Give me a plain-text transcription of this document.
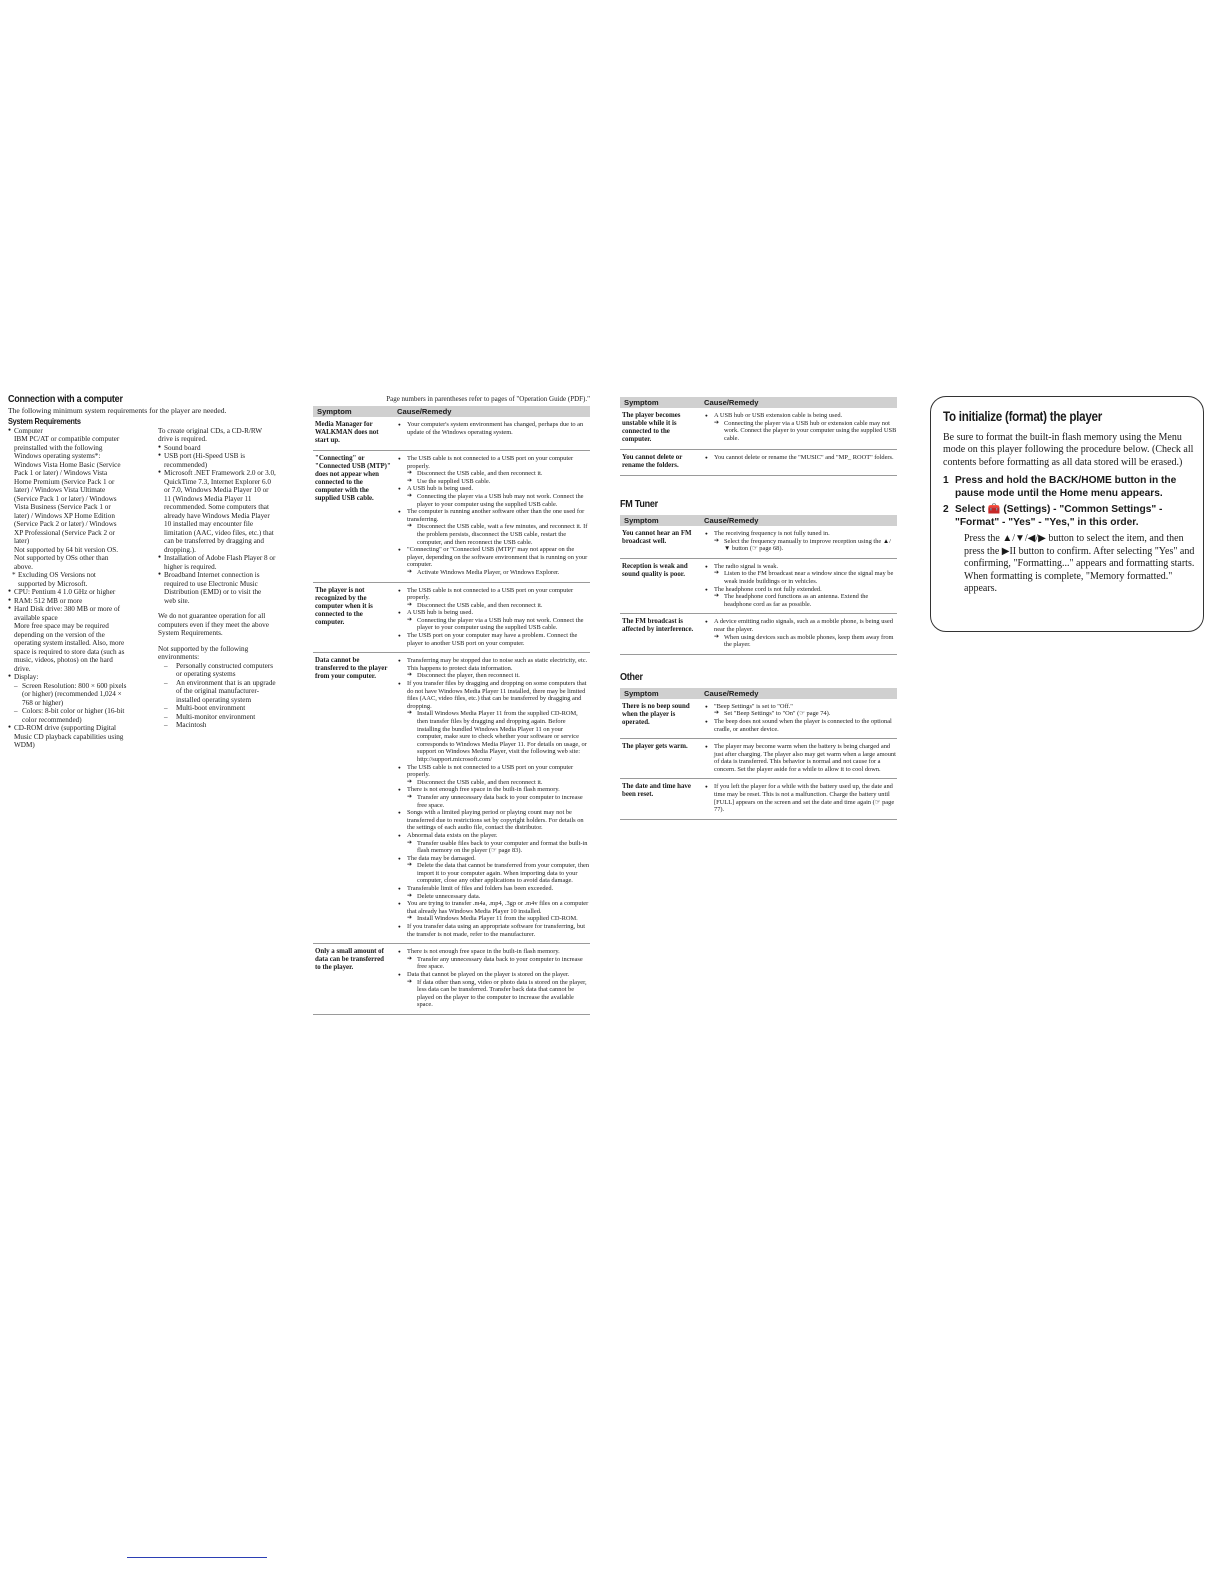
Connection with a computer
The following minimum system requirements for the player are needed.
System Requirements
● Computer
IBM PC/AT or compatible computer
preinstalled with the following
Windows operating systems*:
Windows Vista Home Basic (Service
Pack 1 or later) / Windows Vista
Home Premium (Service Pack 1 or
later) / Windows Vista Ultimate
(Service Pack 1 or later) / Windows
Vista Business (Service Pack 1 or
later) / Windows XP Home Edition
(Service Pack 2 or later) / Windows
XP Professional (Service Pack 2 or
later)
Not supported by 64 bit version OS.
Not supported by OSs other than
above.
* Excluding OS Versions not
supported by Microsoft.
● CPU: Pentium 4 1.0 GHz or higher
● RAM: 512 MB or more
● Hard Disk drive: 380 MB or more of
available space
More free space may be required
depending on the version of the
operating system installed. Also, more
space is required to store data (such as
music, videos, photos) on the hard
drive.
● Display:
– Screen Resolution: 800 × 600 pixels
(or higher) (recommended 1,024 ×
768 or higher)
– Colors: 8-bit color or higher (16-bit
color recommended)
● CD-ROM drive (supporting Digital
Music CD playback capabilities using
WDM)
To create original CDs, a CD-R/RW
drive is required.
● Sound board
● USB port (Hi-Speed USB is
recommended)
● Microsoft .NET Framework 2.0 or 3.0,
QuickTime 7.3, Internet Explorer 6.0
or 7.0, Windows Media Player 10 or
11 (Windows Media Player 11
recommended. Some computers that
already have Windows Media Player
10 installed may encounter file
limitation (AAC, video files, etc.) that
can be transferred by dragging and
dropping.).
● Installation of Adobe Flash Player 8 or
higher is required.
● Broadband Internet connection is
required to use Electronic Music
Distribution (EMD) or to visit the
web site.
We do not guarantee operation for all
computers even if they meet the above
System Requirements.
Not supported by the following
environments:
– Personally constructed computers
or operating systems
– An environment that is an upgrade
of the original manufacturer-
installed operating system
– Multi-boot environment
– Multi-monitor environment
– Macintosh
Page numbers in parentheses refer to pages of "Operation Guide (PDF)."
Symptom	Cause/Remedy
Media Manager for WALKMAN does not start up.
● Your computer's system environment has changed, perhaps due to an update of the Windows operating system.
"Connecting" or "Connected USB (MTP)" does not appear when connected to the computer with the supplied USB cable.
● The USB cable is not connected to a USB port on your computer properly.
➔ Disconnect the USB cable, and then reconnect it.
➔ Use the supplied USB cable.
● A USB hub is being used.
➔ Connecting the player via a USB hub may not work. Connect the player to your computer using the supplied USB cable.
● The computer is running another software other than the one used for transferring.
➔ Disconnect the USB cable, wait a few minutes, and reconnect it. If the problem persists, disconnect the USB cable, restart the computer, and then reconnect the USB cable.
● "Connecting" or "Connected USB (MTP)" may not appear on the player, depending on the software environment that is running on your computer.
➔ Activate Windows Media Player, or Windows Explorer.
The player is not recognized by the computer when it is connected to the computer.
● The USB cable is not connected to a USB port on your computer properly.
➔ Disconnect the USB cable, and then reconnect it.
● A USB hub is being used.
➔ Connecting the player via a USB hub may not work. Connect the player to your computer using the supplied USB cable.
● The USB port on your computer may have a problem. Connect the player to another USB port on your computer.
Data cannot be transferred to the player from your computer.
● Transferring may be stopped due to noise such as static electricity, etc. This happens to protect data information.
➔ Disconnect the player, then reconnect it.
● If you transfer files by dragging and dropping on some computers that do not have Windows Media Player 11 installed, there may be limited files (AAC, video files, etc.) that can be transferred by dragging and dropping.
➔ Install Windows Media Player 11 from the supplied CD-ROM, then transfer files by dragging and dropping again. Before installing the bundled Windows Media Player 11 on your computer, make sure to check whether your software or service corresponds to Windows Media Player 11. For details on usage, or support on Windows Media Player, visit the following web site: http://support.microsoft.com/
● The USB cable is not connected to a USB port on your computer properly.
➔ Disconnect the USB cable, and then reconnect it.
● There is not enough free space in the built-in flash memory.
➔ Transfer any unnecessary data back to your computer to increase free space.
● Songs with a limited playing period or playing count may not be transferred due to restrictions set by copyright holders. For details on the settings of each audio file, contact the distributor.
● Abnormal data exists on the player.
➔ Transfer usable files back to your computer and format the built-in flash memory on the player (☞ page 83).
● The data may be damaged.
➔ Delete the data that cannot be transferred from your computer, then import it to your computer again. When importing data to your computer, close any other applications to avoid data damage.
● Transferable limit of files and folders has been exceeded.
➔ Delete unnecessary data.
● You are trying to transfer .m4a, .mp4, .3gp or .m4v files on a computer that already has Windows Media Player 10 installed.
➔ Install Windows Media Player 11 from the supplied CD-ROM.
● If you transfer data using an appropriate software for transferring, but the transfer is not made, refer to the manufacturer.
Only a small amount of data can be transferred to the player.
● There is not enough free space in the built-in flash memory.
➔ Transfer any unnecessary data back to your computer to increase free space.
● Data that cannot be played on the player is stored on the player.
➔ If data other than song, video or photo data is stored on the player, less data can be transferred. Transfer back data that cannot be played on the player to the computer to increase the available space.
Symptom	Cause/Remedy
The player becomes unstable while it is connected to the computer.
● A USB hub or USB extension cable is being used.
➔ Connecting the player via a USB hub or extension cable may not work. Connect the player to your computer using the supplied USB cable.
You cannot delete or rename the folders.
● You cannot delete or rename the "MUSIC" and "MP_ ROOT" folders.
FM Tuner
Symptom	Cause/Remedy
You cannot hear an FM broadcast well.
● The receiving frequency is not fully tuned in.
➔ Select the frequency manually to improve reception using the ▲/▼ button (☞ page 68).
Reception is weak and sound quality is poor.
● The radio signal is weak.
➔ Listen to the FM broadcast near a window since the signal may be weak inside buildings or in vehicles.
● The headphone cord is not fully extended.
➔ The headphone cord functions as an antenna. Extend the headphone cord as far as possible.
The FM broadcast is affected by interference.
● A device emitting radio signals, such as a mobile phone, is being used near the player.
➔ When using devices such as mobile phones, keep them away from the player.
Other
Symptom	Cause/Remedy
There is no beep sound when the player is operated.
● "Beep Settings" is set to "Off."
➔ Set "Beep Settings" to "On" (☞ page 74).
● The beep does not sound when the player is connected to the optional cradle, or another device.
The player gets warm.
●	The player may become warm when the battery is being charged and just after charging. The player also may get warm when a large amount of data is transferred. This behavior is normal and not cause for a concern. Set the player aside for a while to allow it to cool down.
The date and time have been reset.
● If you left the player for a while with the battery used up, the date and time may be reset. This is not a malfunction. Charge the battery until [FULL] appears on the screen and set the date and time again (☞ page 77).
To initialize (format) the player
Be sure to format the built-in flash memory using the Menu mode on this player following the procedure below. (Check all contents before formatting as all data stored will be erased.)
1 Press and hold the BACK/HOME button in the pause mode until the Home menu appears.
2 Select 🧰 (Settings) - "Common Settings" - "Format" - "Yes" - "Yes," in this order.
Press the ▲/▼/◀/▶ button to select the item, and then press the ▶II button to confirm. After selecting "Yes" and confirming, "Formatting..." appears and formatting starts. When formatting is complete, "Memory formatted." appears.
